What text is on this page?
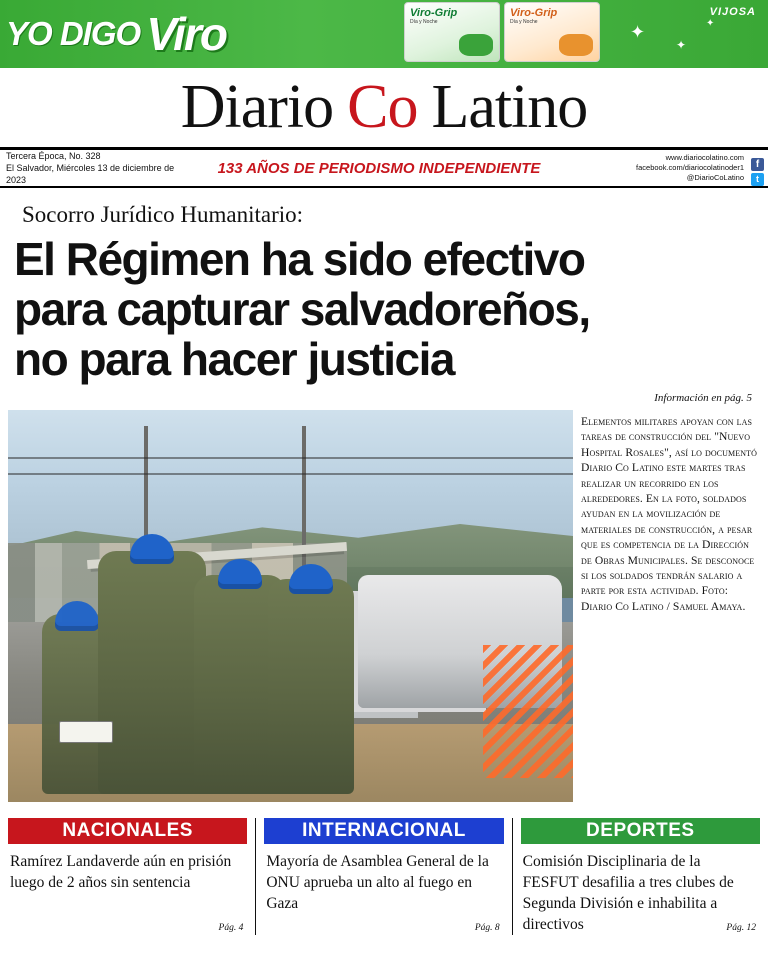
YO DIGO Viro	Viro-Grip
Día y Noche
Viro-Grip
Día y Noche	✦
✦
✦
VIJOSA
Diario Co Latino
Tercera Época, No. 328
El Salvador, Miércoles 13 de diciembre de 2023
133 AÑOS DE PERIODISMO INDEPENDIENTE
www.diariocolatino.com
facebook.com/diariocolatinoder1
@DiarioCoLatino
f
t
Socorro Jurídico Humanitario:
El Régimen ha sido efectivo
para capturar salvadoreños,
no para hacer justicia
Información en pág. 5
Elementos militares apoyan con las tareas de construcción del "Nuevo Hospital Rosales", así lo documentó Diario Co Latino este martes tras realizar un recorrido en los alrededores. En la foto, soldados ayudan en la movilización de materiales de construcción, a pesar que es competencia de la Dirección de Obras Municipales. Se desconoce si los soldados tendrán salario a parte por esta actividad. Foto: Diario Co Latino / Samuel Amaya.
NACIONALES
Ramírez Landaverde aún en prisión luego de 2 años sin sentencia
Pág. 4
INTERNACIONAL
Mayoría de Asamblea General de la ONU aprueba un alto al fuego en Gaza
Pág. 8
DEPORTES
Comisión Disciplinaria de la FESFUT desafilia a tres clubes de Segunda División e inhabilita a directivos	Pág. 12
